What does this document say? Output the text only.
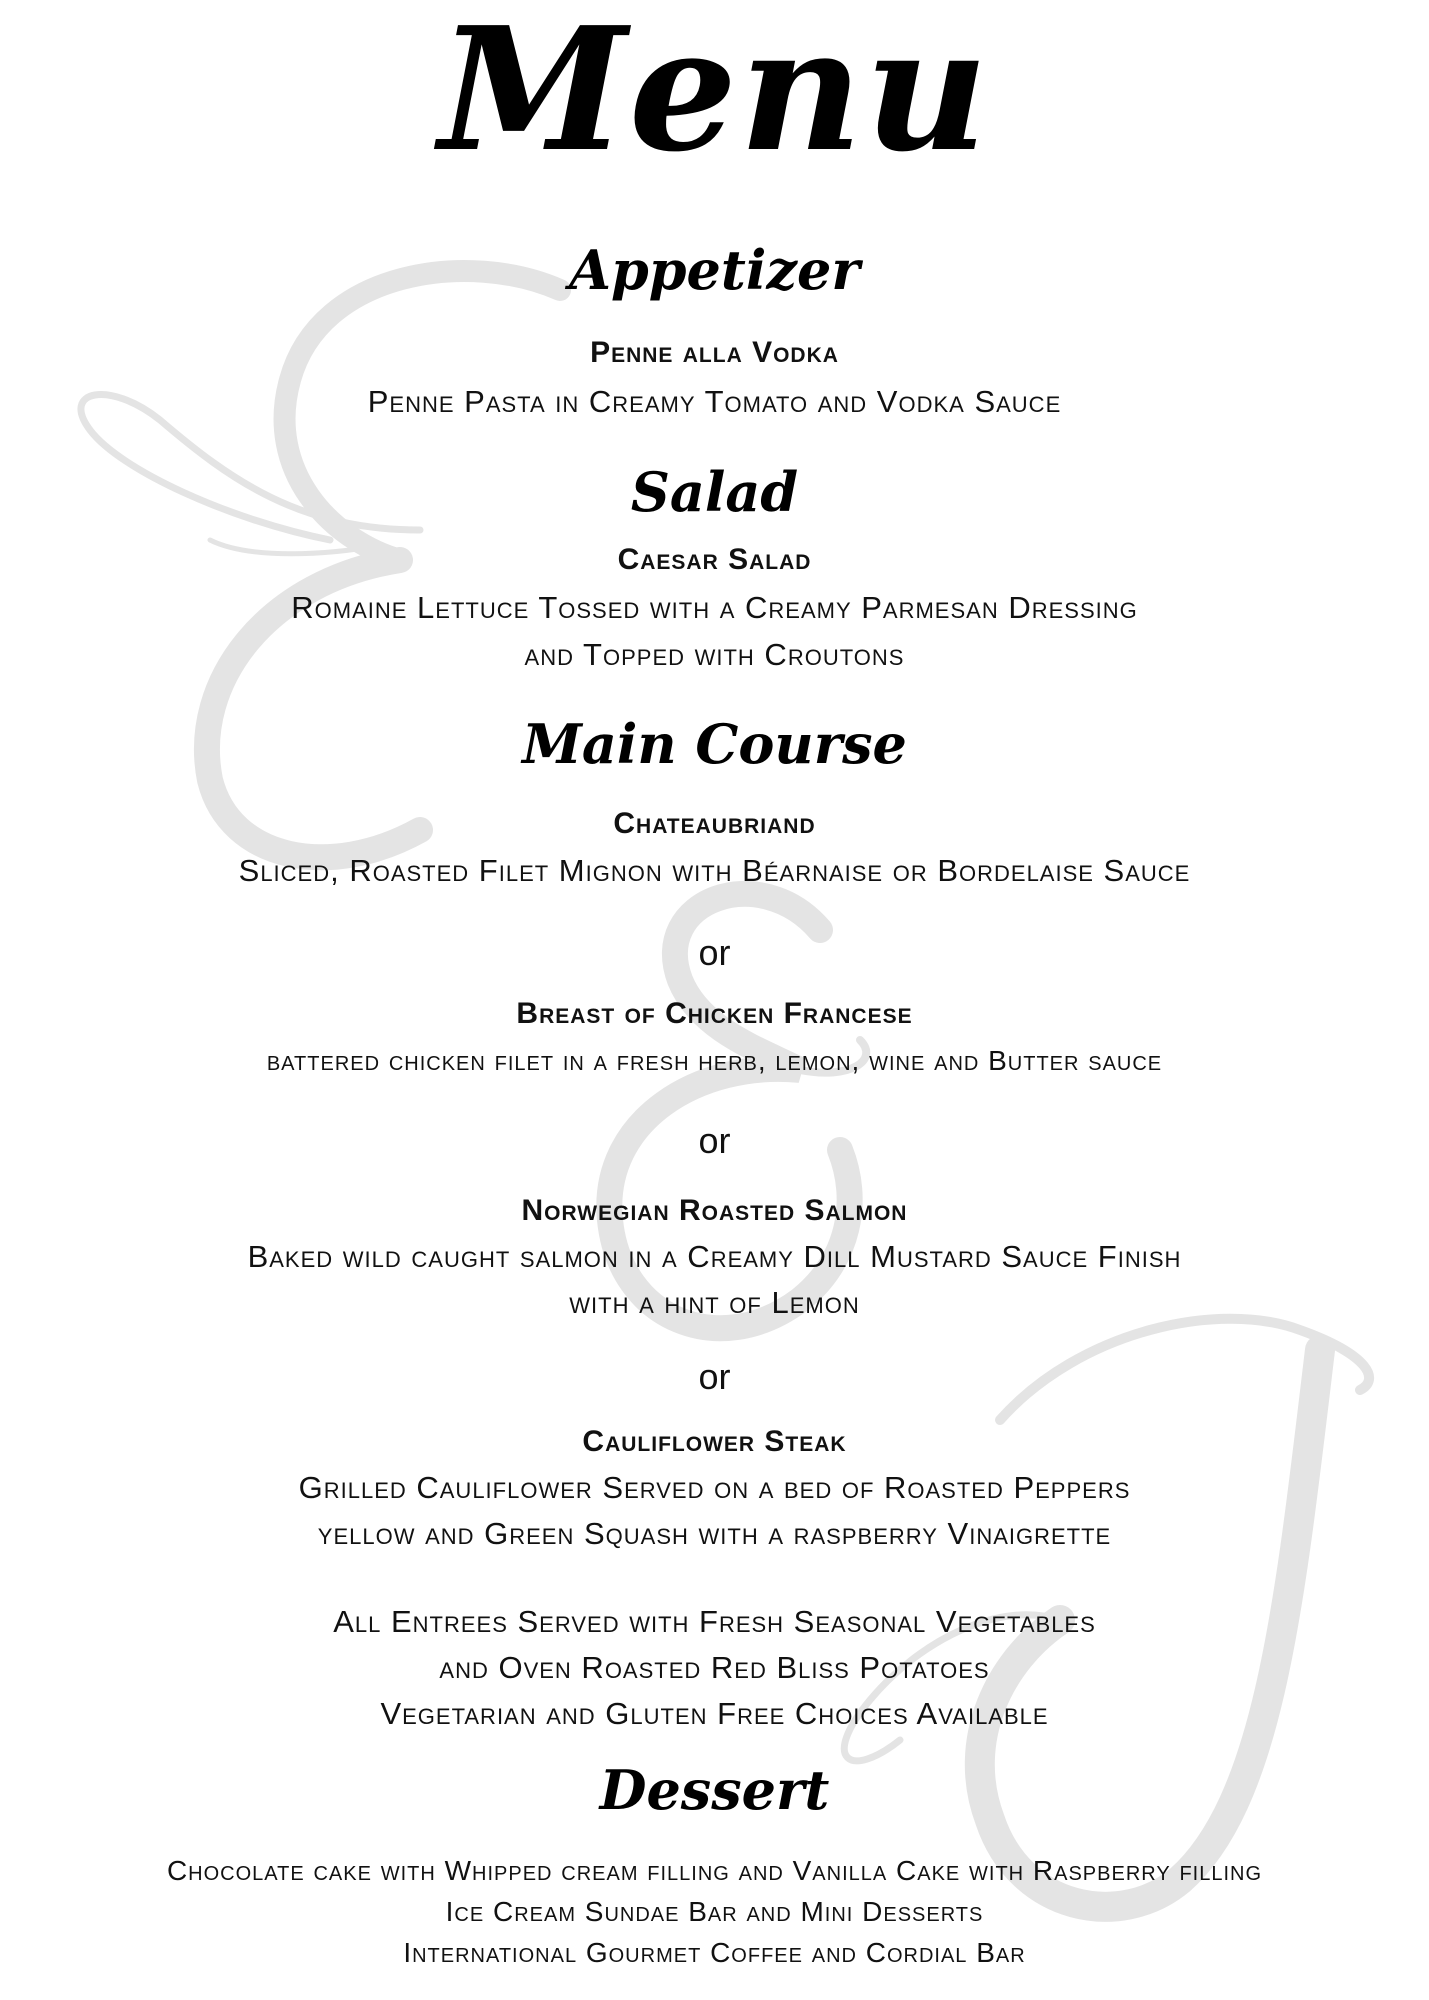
Menu
Appetizer

Penne alla Vodka

Penne Pasta in Creamy Tomato and Vodka Sauce

Salad

Caesar Salad

Romaine Lettuce Tossed with a Creamy Parmesan Dressing

and Topped with Croutons

Main Course

Chateaubriand

Sliced, Roasted Filet Mignon with Béarnaise or Bordelaise Sauce

or

Breast of Chicken Francese

battered chicken filet in a fresh herb, lemon, wine and Butter sauce

or

Norwegian Roasted Salmon

Baked wild caught salmon in a Creamy Dill Mustard Sauce Finish

with a hint of Lemon

or

Cauliflower Steak

Grilled Cauliflower Served on a bed of Roasted Peppers

yellow and Green Squash with a raspberry Vinaigrette

All Entrees Served with Fresh Seasonal Vegetables

and Oven Roasted Red Bliss Potatoes

Vegetarian and Gluten Free Choices Available

Dessert

Chocolate cake with Whipped cream filling and Vanilla Cake with Raspberry filling

Ice Cream Sundae Bar and Mini Desserts

International Gourmet Coffee and Cordial Bar
